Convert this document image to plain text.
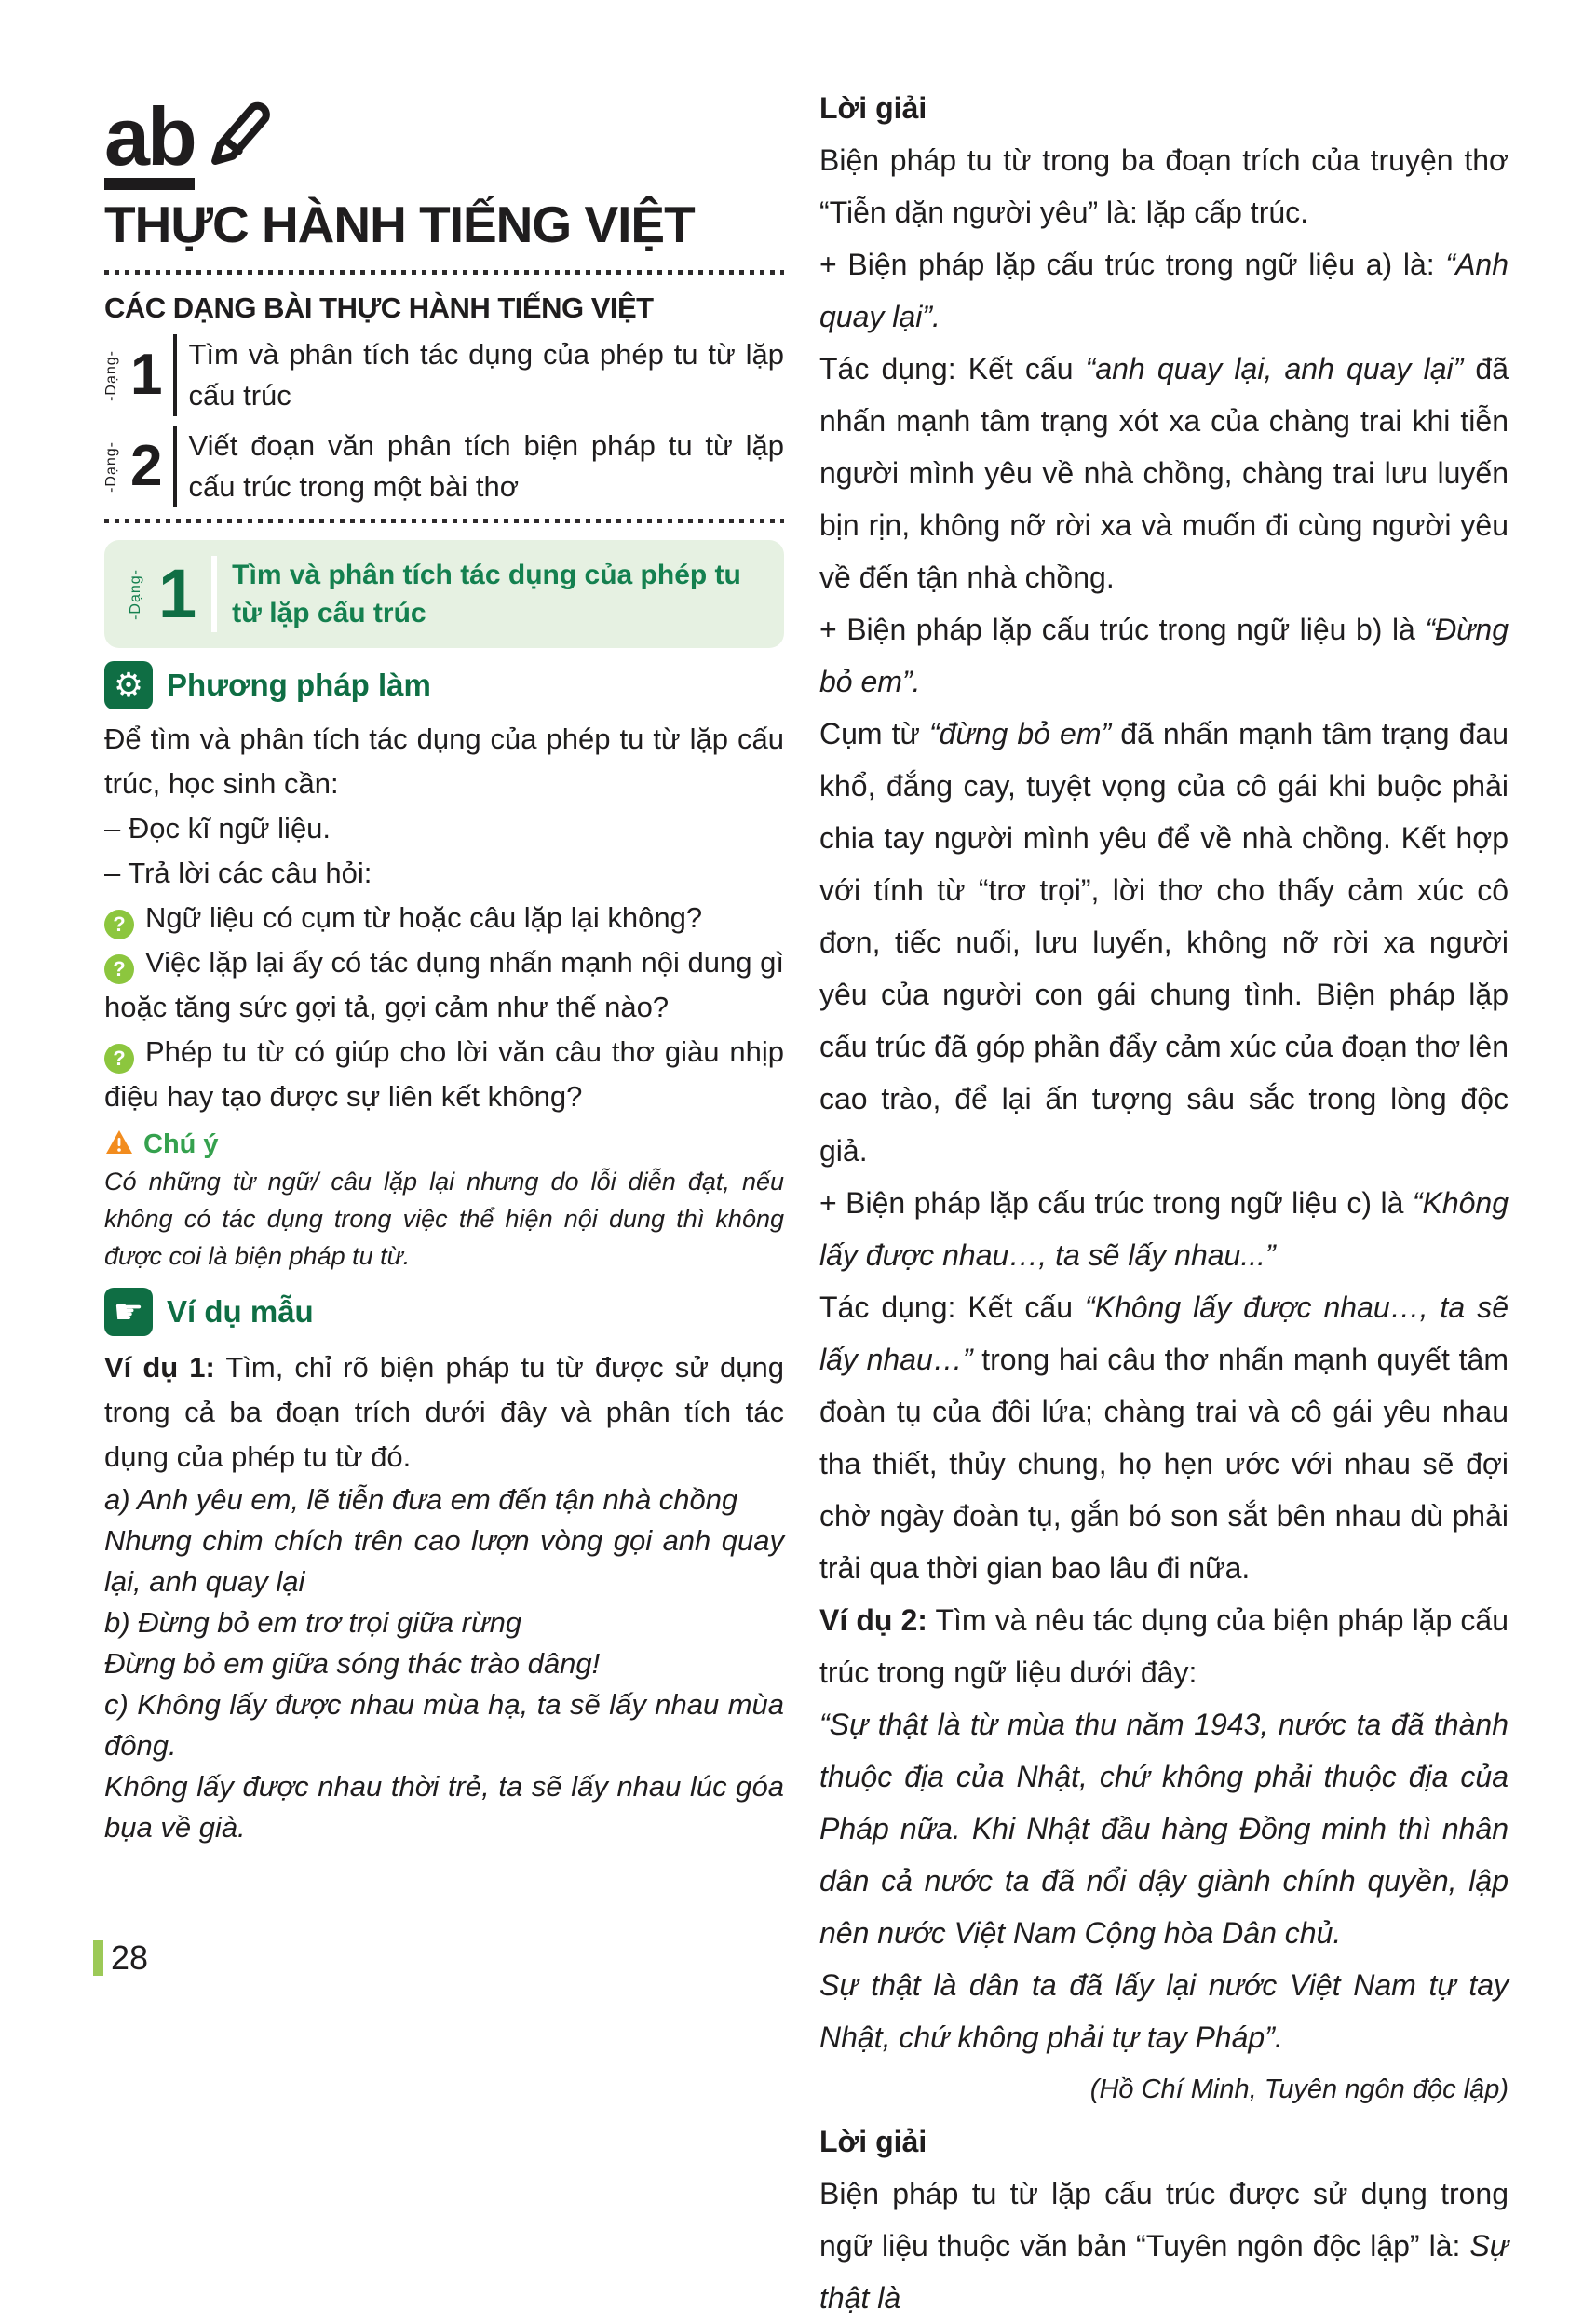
ab
THỰC HÀNH TIẾNG VIỆT
CÁC DẠNG BÀI THỰC HÀNH TIẾNG VIỆT
-Dạng- 1 Tìm và phân tích tác dụng của phép tu từ lặp cấu trúc
-Dạng- 2 Viết đoạn văn phân tích biện pháp tu từ lặp cấu trúc trong một bài thơ
-Dạng- 1 Tìm và phân tích tác dụng của phép tu từ lặp cấu trúc
⚙ Phương pháp làm

Để tìm và phân tích tác dụng của phép tu từ lặp cấu trúc, học sinh cần:

– Đọc kĩ ngữ liệu.

– Trả lời các câu hỏi:

? Ngữ liệu có cụm từ hoặc câu lặp lại không?

? Việc lặp lại ấy có tác dụng nhấn mạnh nội dung gì hoặc tăng sức gợi tả, gợi cảm như thế nào?

? Phép tu từ có giúp cho lời văn câu thơ giàu nhịp điệu hay tạo được sự liên kết không?

Chú ý

Có những từ ngữ/ câu lặp lại nhưng do lỗi diễn đạt, nếu không có tác dụng trong việc thể hiện nội dung thì không được coi là biện pháp tu từ.

☛ Ví dụ mẫu

Ví dụ 1: Tìm, chỉ rõ biện pháp tu từ được sử dụng trong cả ba đoạn trích dưới đây và phân tích tác dụng của phép tu từ đó.

a) Anh yêu em, lẽ tiễn đưa em đến tận nhà chồng

Nhưng chim chích trên cao lượn vòng gọi anh quay lại, anh quay lại

b) Đừng bỏ em trơ trọi giữa rừng

Đừng bỏ em giữa sóng thác trào dâng!

c) Không lấy được nhau mùa hạ, ta sẽ lấy nhau mùa đông.

Không lấy được nhau thời trẻ, ta sẽ lấy nhau lúc góa bụa về già.

Lời giải

Biện pháp tu từ trong ba đoạn trích của truyện thơ “Tiễn dặn người yêu” là: lặp cấp trúc.

+ Biện pháp lặp cấu trúc trong ngữ liệu a) là: “Anh quay lại”.

Tác dụng: Kết cấu “anh quay lại, anh quay lại” đã nhấn mạnh tâm trạng xót xa của chàng trai khi tiễn người mình yêu về nhà chồng, chàng trai lưu luyến bịn rịn, không nỡ rời xa và muốn đi cùng người yêu về đến tận nhà chồng.

+ Biện pháp lặp cấu trúc trong ngữ liệu b) là “Đừng bỏ em”.

Cụm từ “đừng bỏ em” đã nhấn mạnh tâm trạng đau khổ, đắng cay, tuyệt vọng của cô gái khi buộc phải chia tay người mình yêu để về nhà chồng. Kết hợp với tính từ “trơ trọi”, lời thơ cho thấy cảm xúc cô đơn, tiếc nuối, lưu luyến, không nỡ rời xa người yêu của người con gái chung tình. Biện pháp lặp cấu trúc đã góp phần đẩy cảm xúc của đoạn thơ lên cao trào, để lại ấn tượng sâu sắc trong lòng độc giả.

+ Biện pháp lặp cấu trúc trong ngữ liệu c) là “Không lấy được nhau…, ta sẽ lấy nhau...”

Tác dụng: Kết cấu “Không lấy được nhau…, ta sẽ lấy nhau…” trong hai câu thơ nhấn mạnh quyết tâm đoàn tụ của đôi lứa; chàng trai và cô gái yêu nhau tha thiết, thủy chung, họ hẹn ước với nhau sẽ đợi chờ ngày đoàn tụ, gắn bó son sắt bên nhau dù phải trải qua thời gian bao lâu đi nữa.

Ví dụ 2: Tìm và nêu tác dụng của biện pháp lặp cấu trúc trong ngữ liệu dưới đây:

“Sự thật là từ mùa thu năm 1943, nước ta đã thành thuộc địa của Nhật, chứ không phải thuộc địa của Pháp nữa. Khi Nhật đầu hàng Đồng minh thì nhân dân cả nước ta đã nổi dậy giành chính quyền, lập nên nước Việt Nam Cộng hòa Dân chủ.

Sự thật là dân ta đã lấy lại nước Việt Nam tự tay Nhật, chứ không phải tự tay Pháp”.

(Hồ Chí Minh, Tuyên ngôn độc lập)

Lời giải

Biện pháp tu từ lặp cấu trúc được sử dụng trong ngữ liệu thuộc văn bản “Tuyên ngôn độc lập” là: Sự thật là

28
